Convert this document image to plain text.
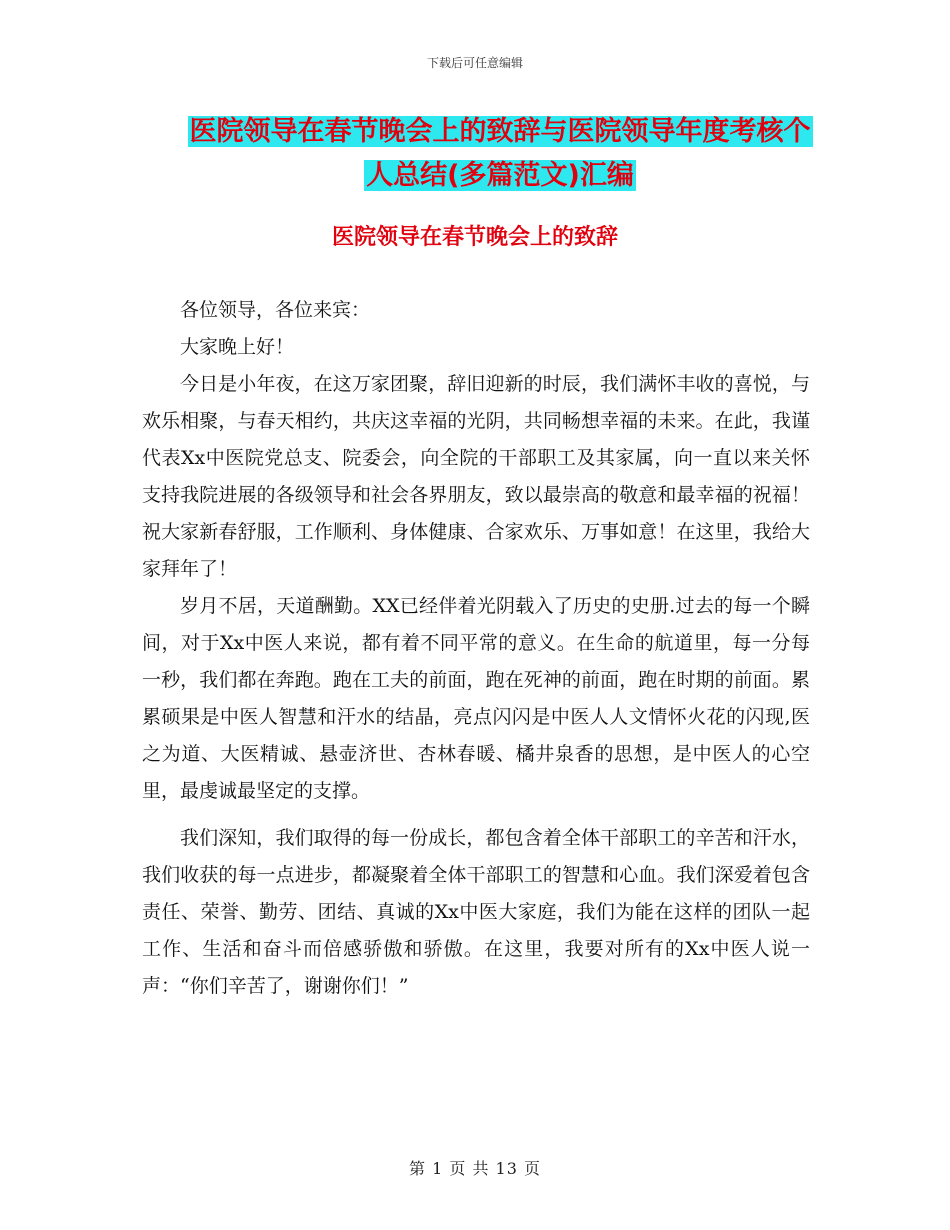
下载后可任意编辑
医院领导在春节晚会上的致辞与医院领导年度考核个
人总结(多篇范文)汇编
医院领导在春节晚会上的致辞

各位领导，各位来宾：

大家晚上好！

今日是小年夜，在这万家团聚，辞旧迎新的时辰，我们满怀丰收的喜悦，与欢乐相聚，与春天相约，共庆这幸福的光阴，共同畅想幸福的未来。在此，我谨代表Xx中医院党总支、院委会，向全院的干部职工及其家属，向一直以来关怀支持我院进展的各级领导和社会各界朋友，致以最崇高的敬意和最幸福的祝福！祝大家新春舒服，工作顺利、身体健康、合家欢乐、万事如意！在这里，我给大家拜年了！

岁月不居，天道酬勤。XX已经伴着光阴载入了历史的史册.过去的每一个瞬间，对于Xx中医人来说，都有着不同平常的意义。在生命的航道里，每一分每一秒，我们都在奔跑。跑在工夫的前面，跑在死神的前面，跑在时期的前面。累累硕果是中医人智慧和汗水的结晶，亮点闪闪是中医人人文情怀火花的闪现,医之为道、大医精诚、悬壶济世、杏林春暖、橘井泉香的思想，是中医人的心空里，最虔诚最坚定的支撑。

我们深知，我们取得的每一份成长，都包含着全体干部职工的辛苦和汗水，我们收获的每一点进步，都凝聚着全体干部职工的智慧和心血。我们深爱着包含责任、荣誉、勤劳、团结、真诚的Xx中医大家庭，我们为能在这样的团队一起工作、生活和奋斗而倍感骄傲和骄傲。在这里，我要对所有的Xx中医人说一声：“你们辛苦了，谢谢你们！”

第 1 页 共 13 页
